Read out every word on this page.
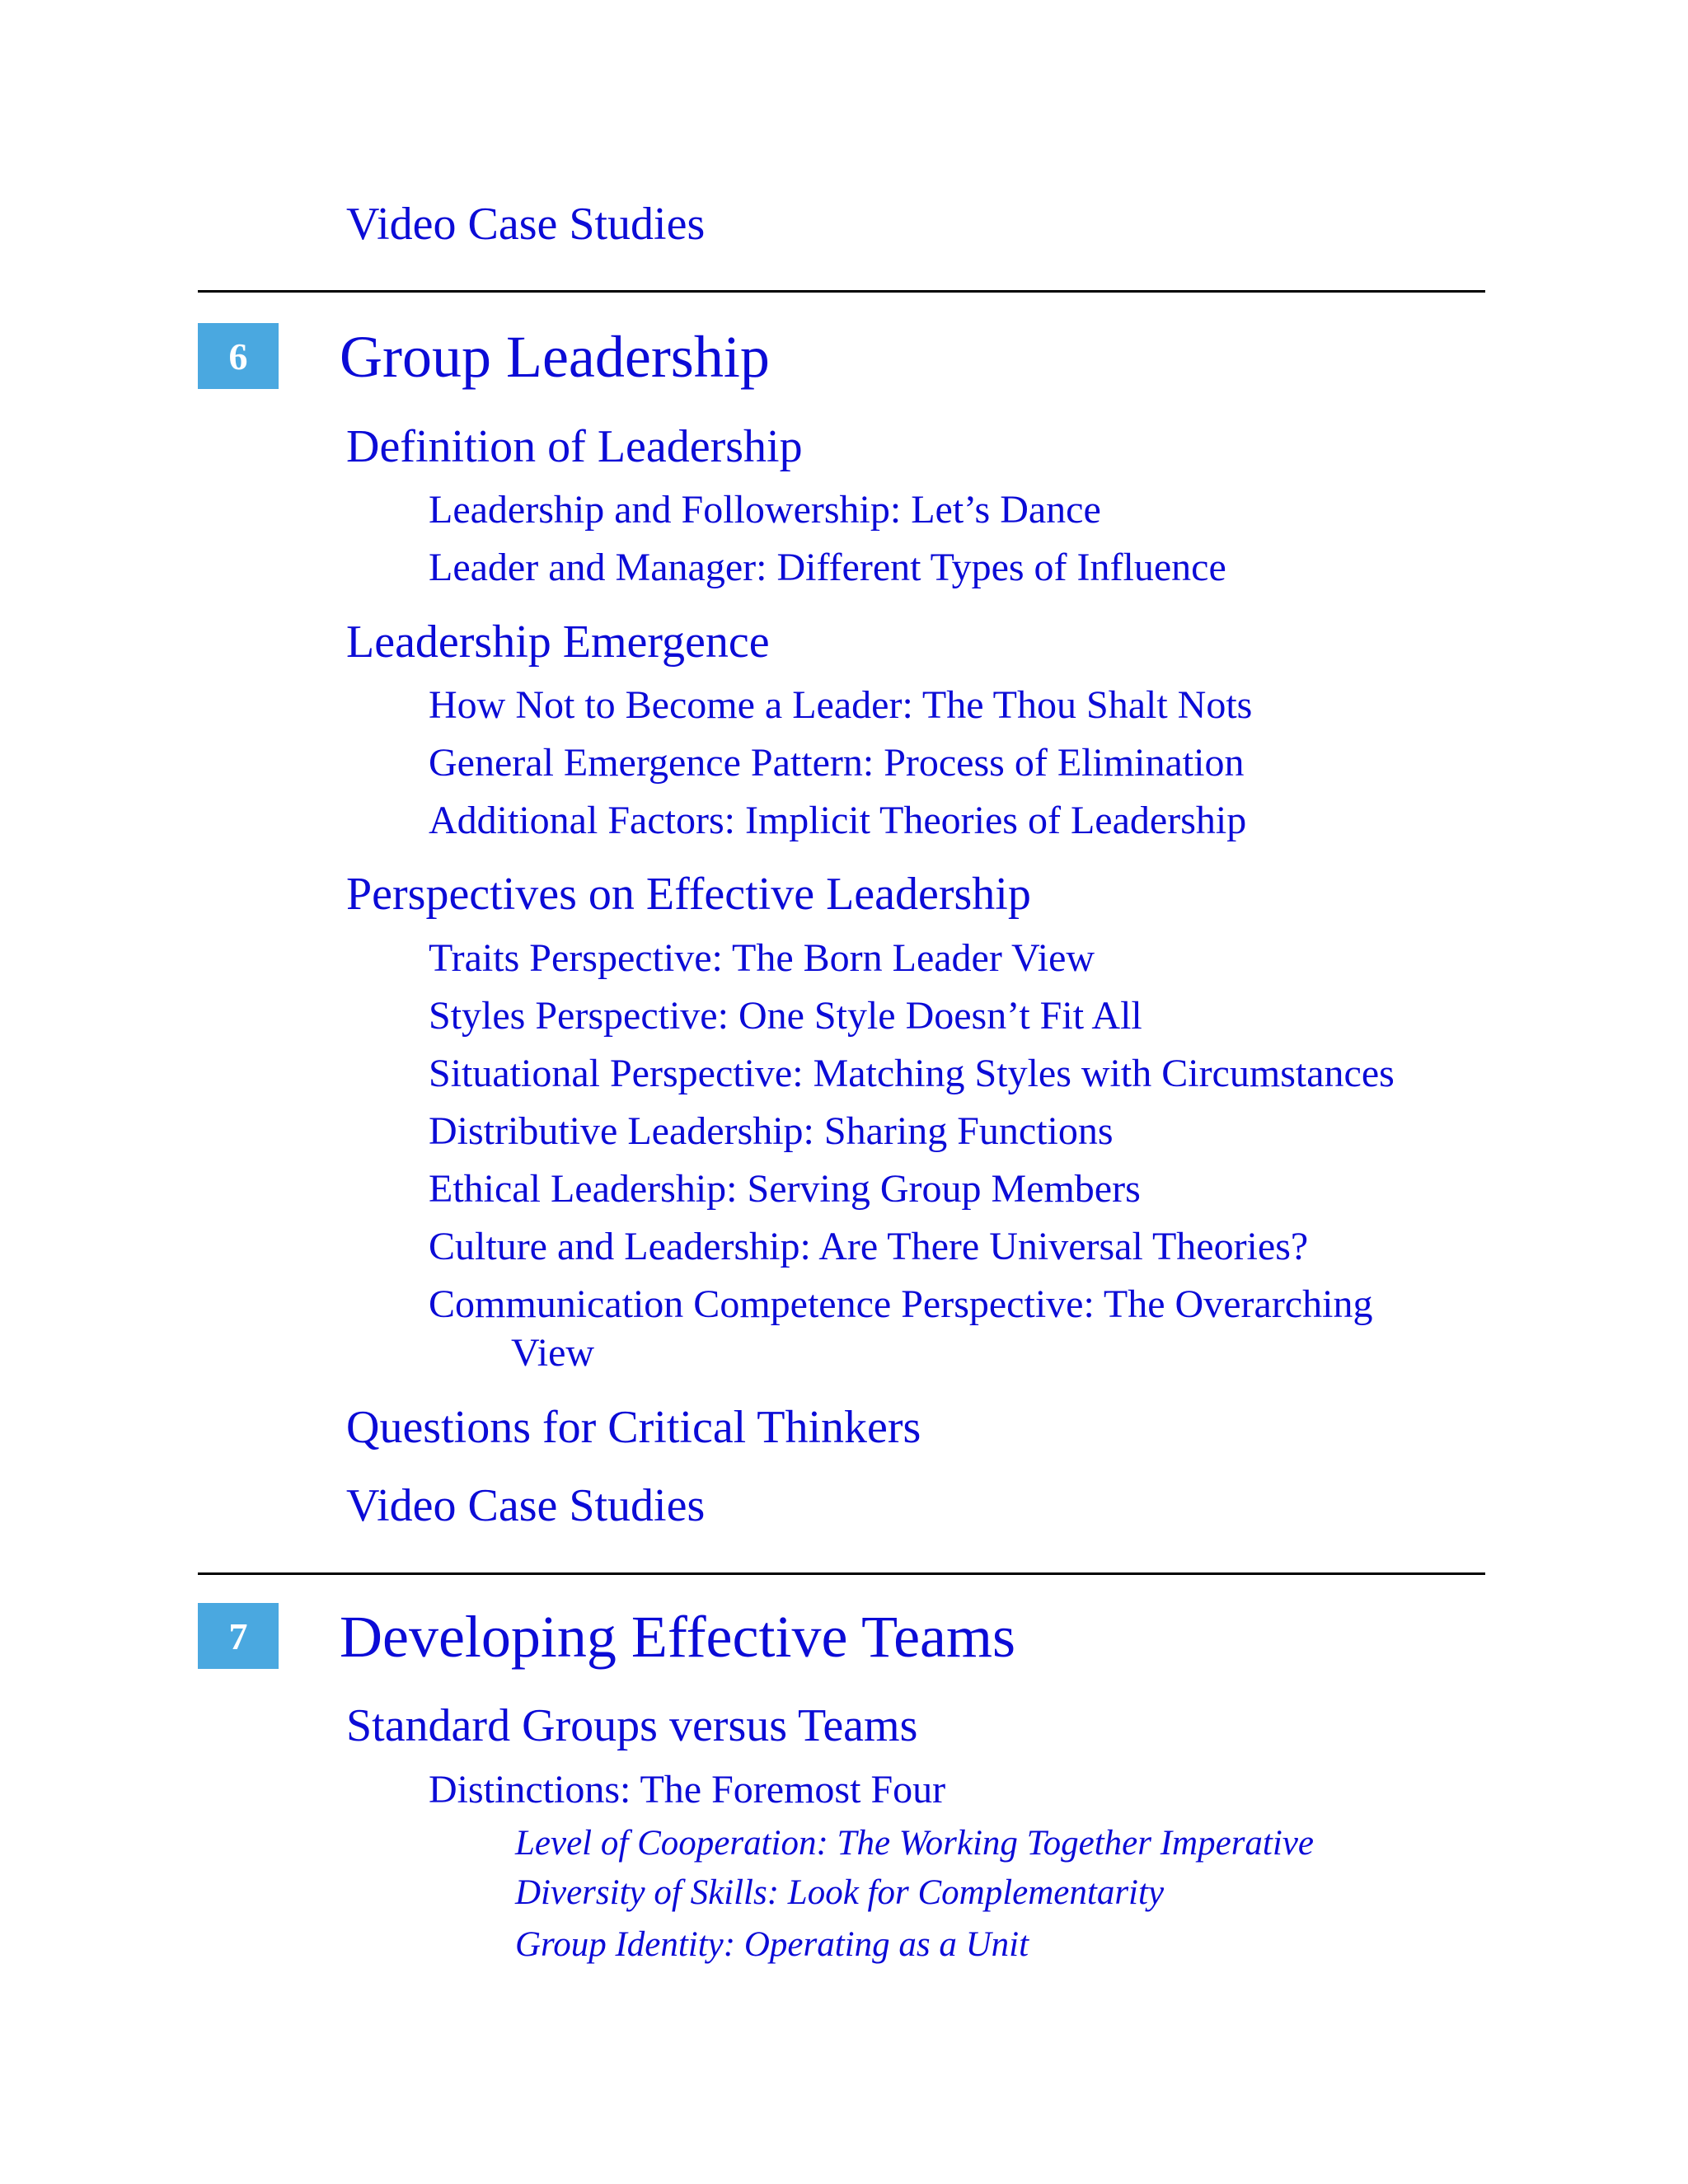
Video Case Studies
6 Group Leadership
Definition of Leadership
Leadership and Followership: Let’s Dance
Leader and Manager: Different Types of Influence
Leadership Emergence
How Not to Become a Leader: The Thou Shalt Nots
General Emergence Pattern: Process of Elimination
Additional Factors: Implicit Theories of Leadership
Perspectives on Effective Leadership
Traits Perspective: The Born Leader View
Styles Perspective: One Style Doesn’t Fit All
Situational Perspective: Matching Styles with Circumstances
Distributive Leadership: Sharing Functions
Ethical Leadership: Serving Group Members
Culture and Leadership: Are There Universal Theories?
Communication Competence Perspective: The Overarching
View
Questions for Critical Thinkers
Video Case Studies
7 Developing Effective Teams
Standard Groups versus Teams
Distinctions: The Foremost Four
Level of Cooperation: The Working Together Imperative
Diversity of Skills: Look for Complementarity
Group Identity: Operating as a Unit
